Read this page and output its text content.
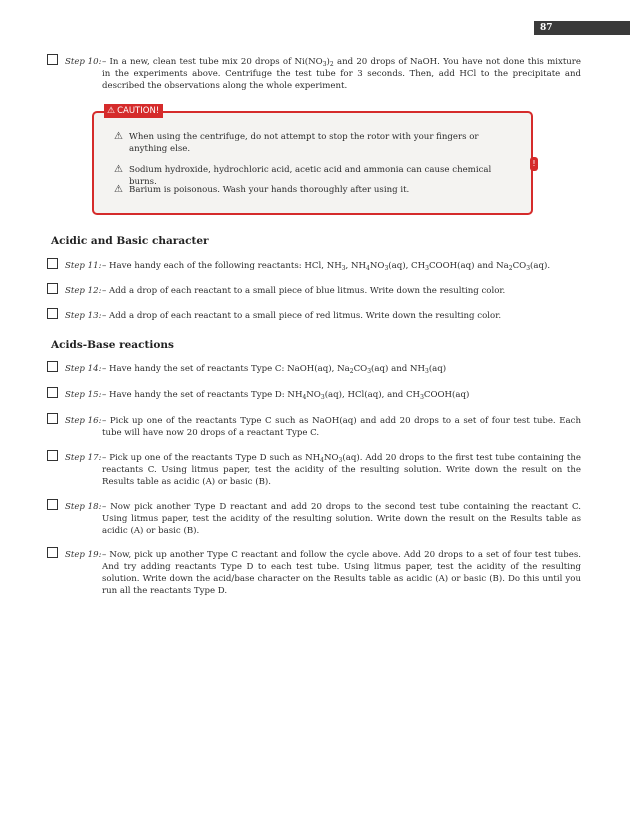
87
Step 10: – In a new, clean test tube mix 20 drops of $Ni(NO_3)_2$ and 20 drops of NaOH. You have not done this mixture in the experiments above. Centrifuge the test tube for 3 seconds. Then, add HCl to the precipitate and described the observations along the whole experiment.
⚠ CAUTION!
!
⚠ When using the centrifuge, do not attempt to stop the rotor with your fingers or anything else.
⚠ Sodium hydroxide, hydrochloric acid, acetic acid and ammonia can cause chemical burns.
⚠ Barium is poisonous. Wash your hands thoroughly after using it.
Acidic and Basic character
Step 11: – Have handy each of the following reactants: HCl, $NH_3$, $NH_4NO_3(aq)$, $CH_3COOH(aq)$ and $Na_2CO_3(aq)$.
Step 12: – Add a drop of each reactant to a small piece of blue litmus. Write down the resulting color.
Step 13: – Add a drop of each reactant to a small piece of red litmus. Write down the resulting color.
Acids-Base reactions
Step 14: – Have handy the set of reactants Type C: NaOH(aq), $Na_2CO_3(aq)$ and $NH_3(aq)$
Step 15: – Have handy the set of reactants Type D: $NH_4NO_3(aq)$, HCl(aq), and $CH_3COOH(aq)$
Step 16: – Pick up one of the reactants Type C such as NaOH(aq) and add 20 drops to a set of four test tube. Each tube will have now 20 drops of a reactant Type C.
Step 17: – Pick up one of the reactants Type D such as $NH_4NO_3(aq)$. Add 20 drops to the first test tube containing the reactants C. Using litmus paper, test the acidity of the resulting solution. Write down the result on the Results table as acidic (A) or basic (B).
Step 18: – Now pick another Type D reactant and add 20 drops to the second test tube containing the reactant C. Using litmus paper, test the acidity of the resulting solution. Write down the result on the Results table as acidic (A) or basic (B).
Step 19: – Now, pick up another Type C reactant and follow the cycle above. Add 20 drops to a set of four test tubes. And try adding reactants Type D to each test tube. Using litmus paper, test the acidity of the resulting solution. Write down the acid/base character on the Results table as acidic (A) or basic (B). Do this until you run all the reactants Type D.
